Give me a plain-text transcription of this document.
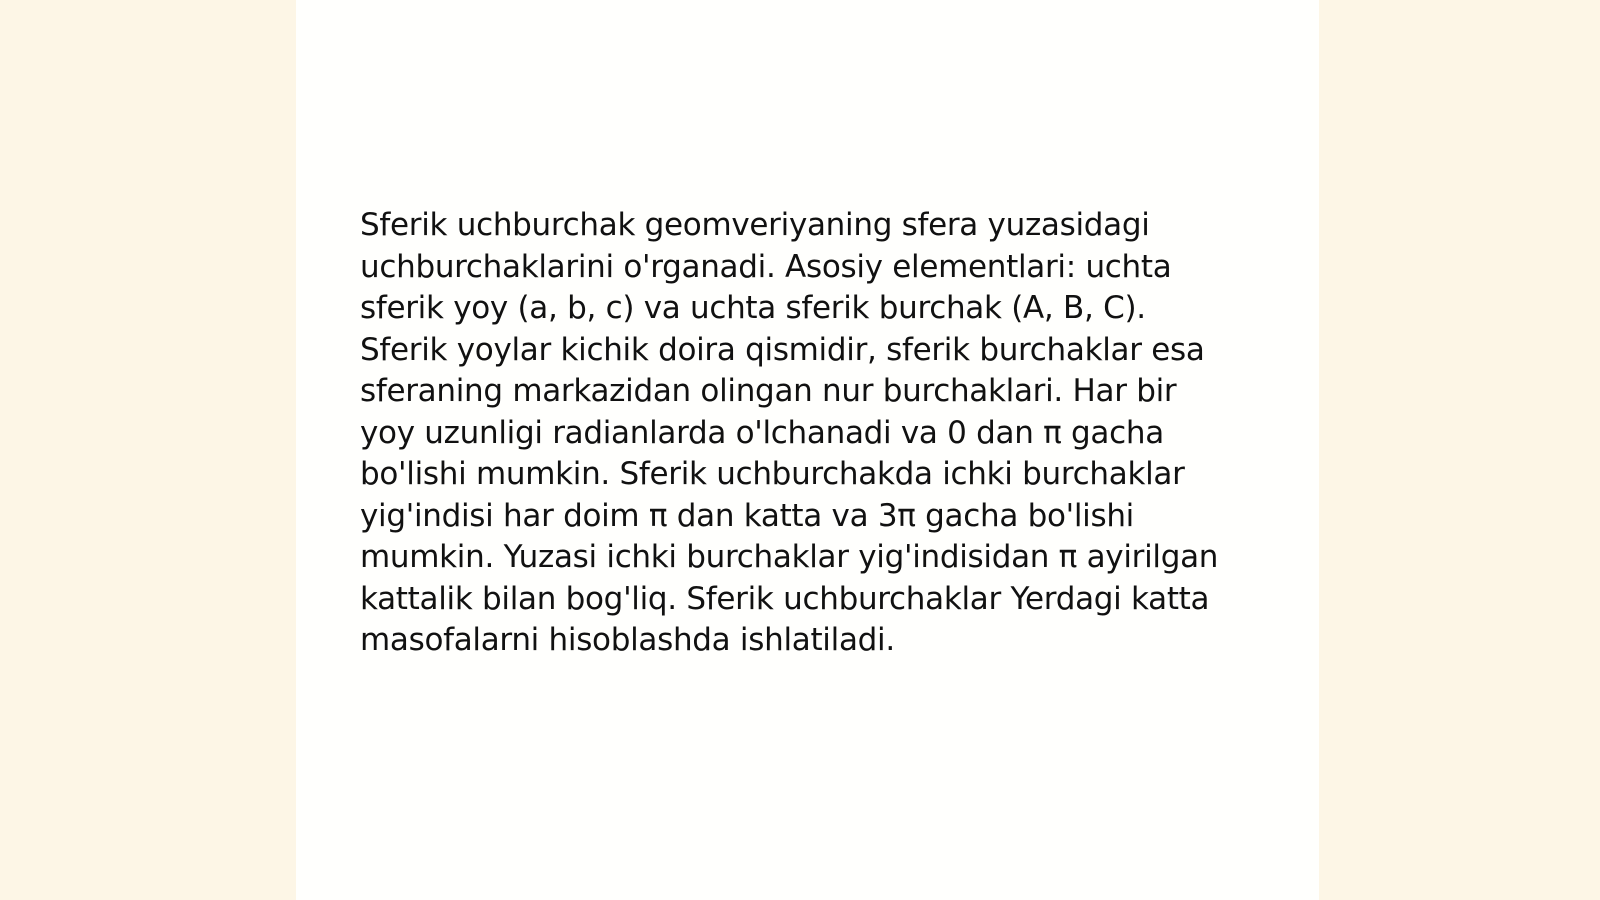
Sferik uchburchak geomveriyaning sfera yuzasidagi uchburchaklarini o'rganadi. Asosiy elementlari: uchta sferik yoy (a, b, c) va uchta sferik burchak (A, B, C). Sferik yoylar kichik doira qismidir, sferik burchaklar esa sferaning markazidan olingan nur burchaklari. Har bir yoy uzunligi radianlarda o'lchanadi va 0 dan π gacha bo'lishi mumkin. Sferik uchburchakda ichki burchaklar yig'indisi har doim π dan katta va 3π gacha bo'lishi mumkin. Yuzasi ichki burchaklar yig'indisidan π ayirilgan kattalik bilan bog'liq. Sferik uchburchaklar Yerdagi katta masofalarni hisoblashda ishlatiladi.
